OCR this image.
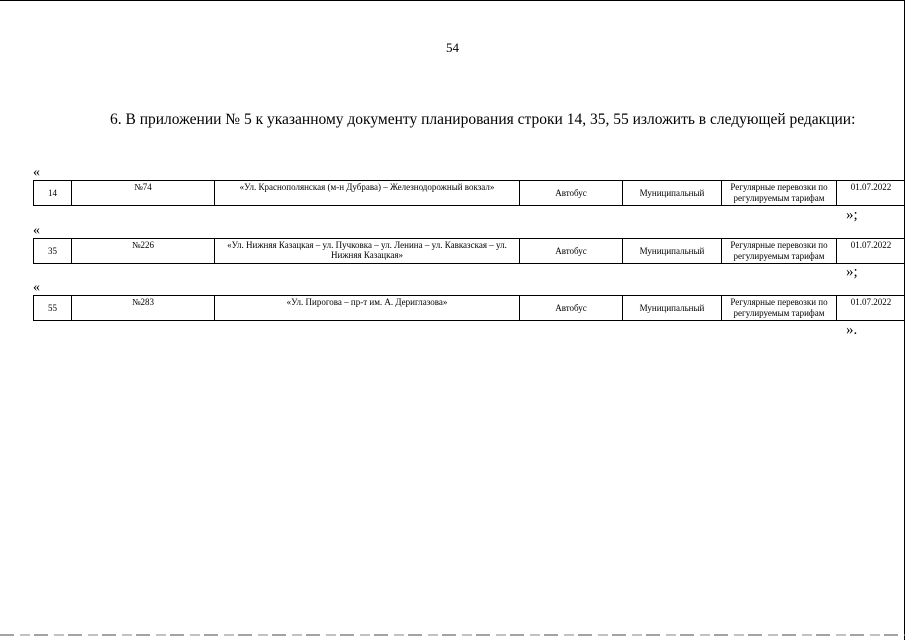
54
6. В приложении № 5 к указанному документу планирования строки 14, 35, 55 изложить в следующей редакции:
«
14	№74	«Ул. Краснополянская (м-н Дубрава) – Железнодорожный вокзал»	Автобус	Муниципальный	Регулярные перевозки по регулируемым тарифам	01.07.2022
»;
«
35	№226	«Ул. Нижняя Казацкая – ул. Пучковка – ул. Ленина – ул. Кавказская – ул. Нижняя Казацкая»	Автобус	Муниципальный	Регулярные перевозки по регулируемым тарифам	01.07.2022
»;
«
55	№283	«Ул. Пирогова – пр-т им. А. Дериглазова»	Автобус	Муниципальный	Регулярные перевозки по регулируемым тарифам	01.07.2022
».
